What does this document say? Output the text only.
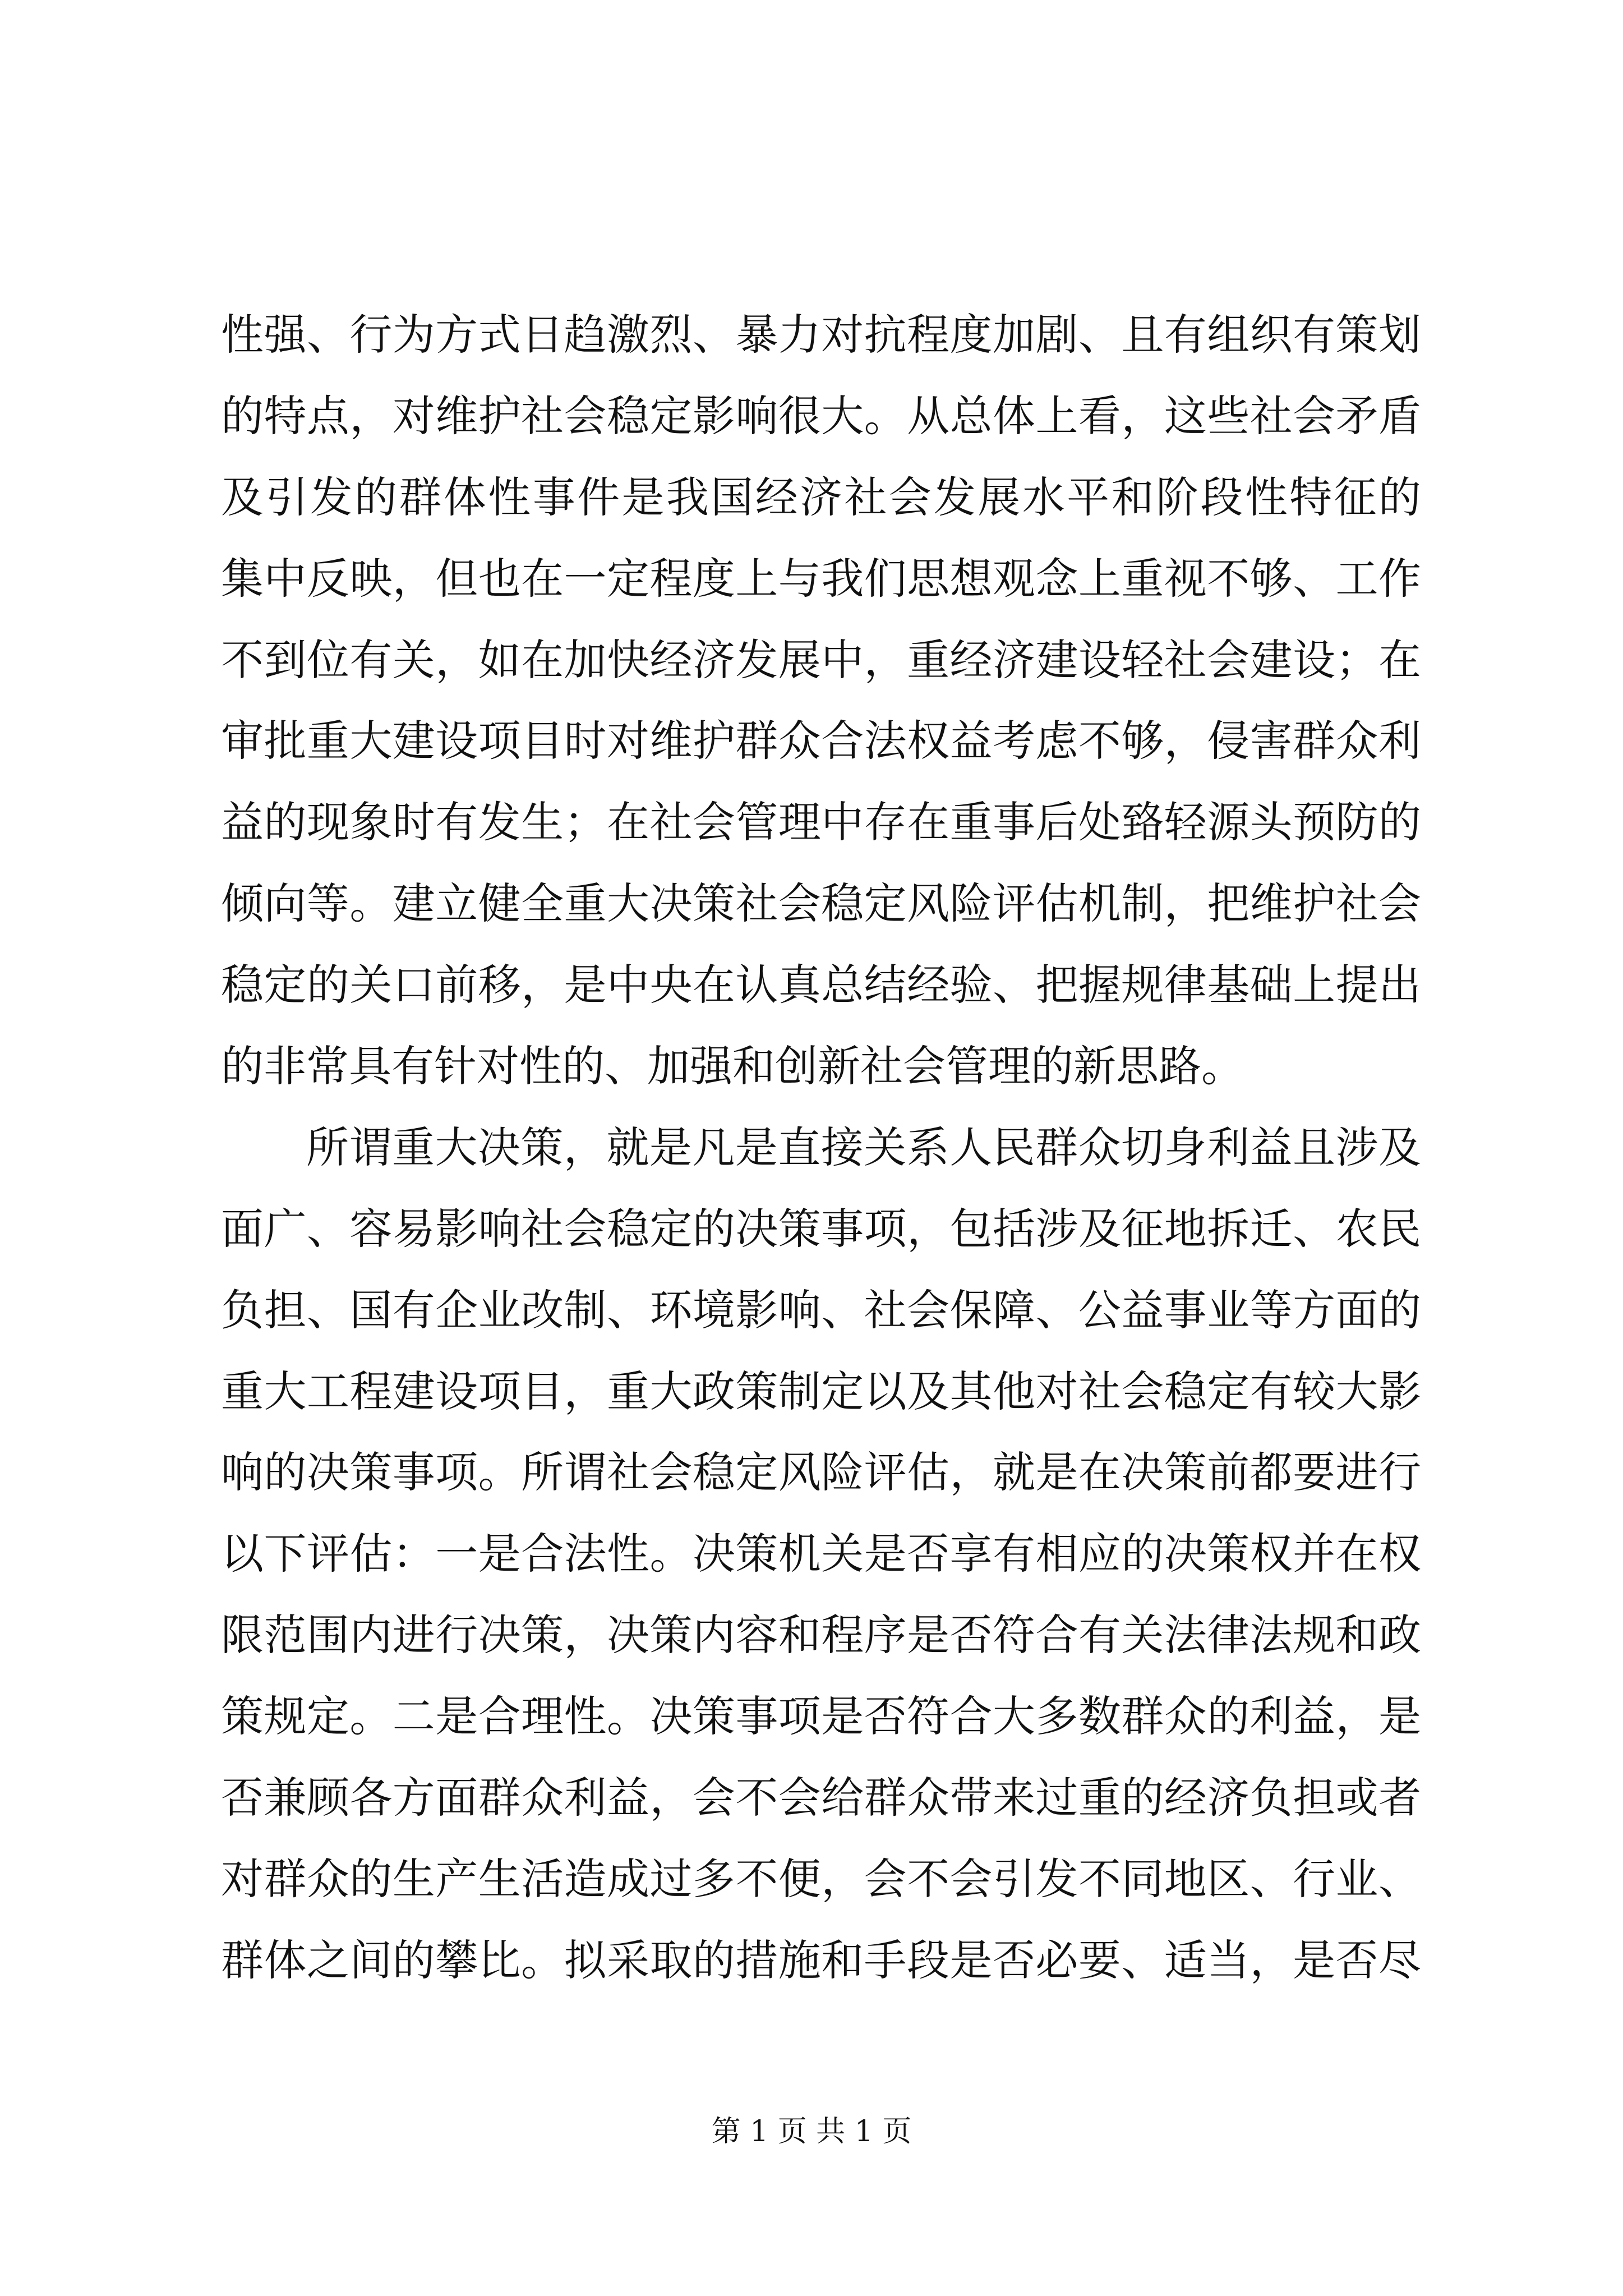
性强、行为方式日趋激烈、暴力对抗程度加剧、且有组织有策划
的特点，对维护社会稳定影响很大。从总体上看，这些社会矛盾
及引发的群体性事件是我国经济社会发展水平和阶段性特征的
集中反映，但也在一定程度上与我们思想观念上重视不够、工作
不到位有关，如在加快经济发展中，重经济建设轻社会建设；在
审批重大建设项目时对维护群众合法权益考虑不够，侵害群众利
益的现象时有发生；在社会管理中存在重事后处臵轻源头预防的
倾向等。建立健全重大决策社会稳定风险评估机制，把维护社会
稳定的关口前移，是中央在认真总结经验、把握规律基础上提出
的非常具有针对性的、加强和创新社会管理的新思路。
所谓重大决策，就是凡是直接关系人民群众切身利益且涉及
面广、容易影响社会稳定的决策事项，包括涉及征地拆迁、农民
负担、国有企业改制、环境影响、社会保障、公益事业等方面的
重大工程建设项目，重大政策制定以及其他对社会稳定有较大影
响的决策事项。所谓社会稳定风险评估，就是在决策前都要进行
以下评估：一是合法性。决策机关是否享有相应的决策权并在权
限范围内进行决策，决策内容和程序是否符合有关法律法规和政
策规定。二是合理性。决策事项是否符合大多数群众的利益，是
否兼顾各方面群众利益，会不会给群众带来过重的经济负担或者
对群众的生产生活造成过多不便，会不会引发不同地区、行业、
群体之间的攀比。拟采取的措施和手段是否必要、适当，是否尽
第 1 页 共 1 页
